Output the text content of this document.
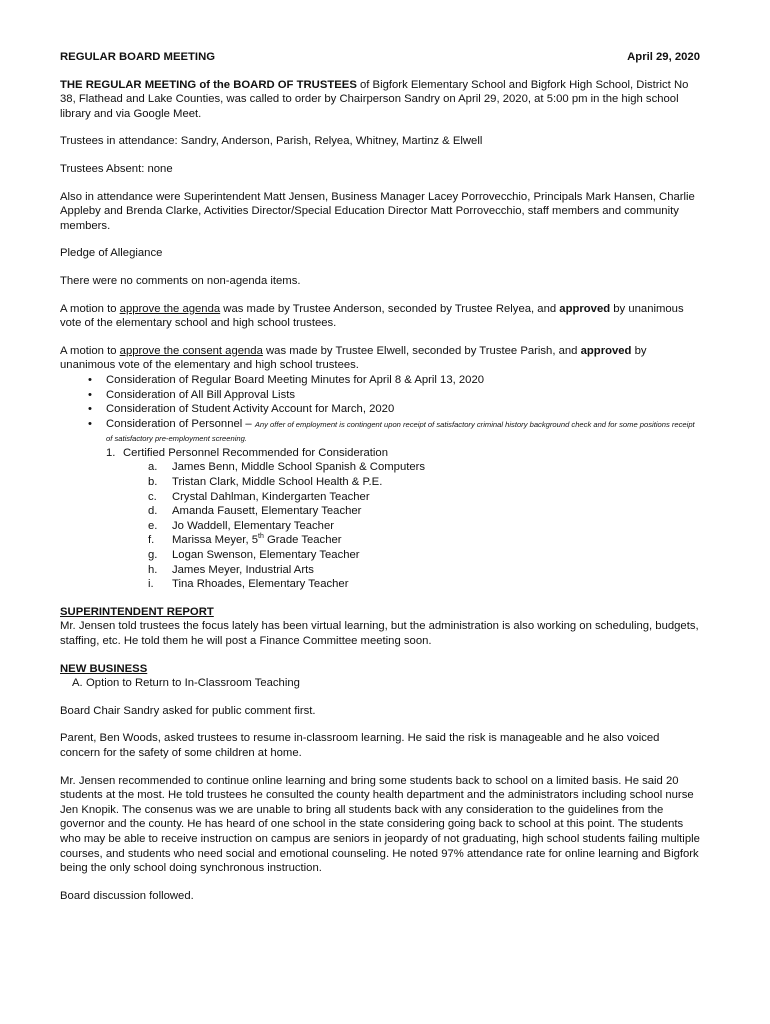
REGULAR BOARD MEETING	April 29, 2020

THE REGULAR MEETING of the BOARD OF TRUSTEES of Bigfork Elementary School and Bigfork High School, District No 38, Flathead and Lake Counties, was called to order by Chairperson Sandry on April 29, 2020, at 5:00 pm in the high school library and via Google Meet.

Trustees in attendance: Sandry, Anderson, Parish, Relyea, Whitney, Martinz & Elwell

Trustees Absent: none

Also in attendance were Superintendent Matt Jensen, Business Manager Lacey Porrovecchio, Principals Mark Hansen, Charlie Appleby and Brenda Clarke, Activities Director/Special Education Director Matt Porrovecchio, staff members and community members.

Pledge of Allegiance

There were no comments on non-agenda items.

A motion to approve the agenda was made by Trustee Anderson, seconded by Trustee Relyea, and approved by unanimous vote of the elementary school and high school trustees.

A motion to approve the consent agenda was made by Trustee Elwell, seconded by Trustee Parish, and approved by unanimous vote of the elementary and high school trustees.

• Consideration of Regular Board Meeting Minutes for April 8 & April 13, 2020
• Consideration of All Bill Approval Lists
• Consideration of Student Activity Account for March, 2020
• Consideration of Personnel – Any offer of employment is contingent upon receipt of satisfactory criminal history background check and for some positions receipt of satisfactory pre-employment screening.
1. Certified Personnel Recommended for Consideration
a. James Benn, Middle School Spanish & Computers
b. Tristan Clark, Middle School Health & P.E.
c. Crystal Dahlman, Kindergarten Teacher
d. Amanda Fausett, Elementary Teacher
e. Jo Waddell, Elementary Teacher
f. Marissa Meyer, 5th Grade Teacher
g. Logan Swenson, Elementary Teacher
h. James Meyer, Industrial Arts
i. Tina Rhoades, Elementary Teacher

SUPERINTENDENT REPORT

Mr. Jensen told trustees the focus lately has been virtual learning, but the administration is also working on scheduling, budgets, staffing, etc. He told them he will post a Finance Committee meeting soon.

NEW BUSINESS

A. Option to Return to In-Classroom Teaching

Board Chair Sandry asked for public comment first.

Parent, Ben Woods, asked trustees to resume in-classroom learning. He said the risk is manageable and he also voiced concern for the safety of some children at home.

Mr. Jensen recommended to continue online learning and bring some students back to school on a limited basis. He said 20 students at the most. He told trustees he consulted the county health department and the administrators including school nurse Jen Knopik. The consenus was we are unable to bring all students back with any consideration to the guidelines from the governor and the county. He has heard of one school in the state considering going back to school at this point. The students who may be able to receive instruction on campus are seniors in jeopardy of not graduating, high school students failing multiple courses, and students who need social and emotional counseling. He noted 97% attendance rate for online learning and Bigfork being the only school doing synchronous instruction.

Board discussion followed.
